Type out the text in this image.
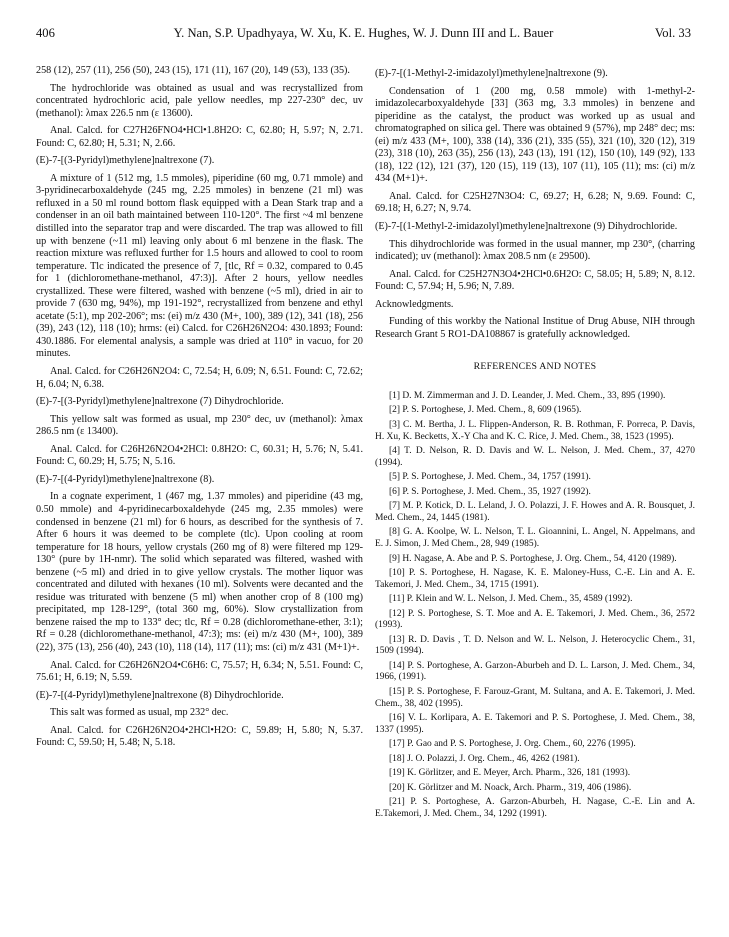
406	Y. Nan, S.P. Upadhyaya, W. Xu, K. E. Hughes, W. J. Dunn III and L. Bauer	Vol. 33

258 (12), 257 (11), 256 (50), 243 (15), 171 (11), 167 (20), 149 (53), 133 (35).

The hydrochloride was obtained as usual and was recrystallized from concentrated hydrochloric acid, pale yellow needles, mp 227-230° dec, uv (methanol): λmax 226.5 nm (ε 13600).

Anal. Calcd. for C27H26FNO4•HCl•1.8H2O: C, 62.80; H, 5.97; N, 2.71. Found: C, 62.80; H, 5.31; N, 2.66.

(E)-7-[(3-Pyridyl)methylene]naltrexone (7).

A mixture of 1 (512 mg, 1.5 mmoles), piperidine (60 mg, 0.71 mmole) and 3-pyridinecarboxaldehyde (245 mg, 2.25 mmoles) in benzene (21 ml) was refluxed in a 50 ml round bottom flask equipped with a Dean Stark trap and a condenser in an oil bath maintained between 110-120°. The first ~4 ml benzene distilled into the separator trap and were discarded. The trap was allowed to fill up with benzene (~11 ml) leaving only about 6 ml benzene in the flask. The reaction mixture was refluxed further for 1.5 hours and allowed to cool to room temperature. Tlc indicated the presence of 7, [tlc, Rf = 0.32, compared to 0.45 for 1 (dichloromethane-methanol, 47:3)]. After 2 hours, yellow needles crystallized. These were filtered, washed with benzene (~5 ml), dried in air to provide 7 (630 mg, 94%), mp 191-192°, recrystallized from benzene and ethyl acetate (5:1), mp 202-206°; ms: (ei) m/z 430 (M+, 100), 389 (12), 341 (18), 256 (39), 243 (12), 118 (10); hrms: (ei) Calcd. for C26H26N2O4: 430.1893; Found: 430.1886. For elemental analysis, a sample was dried at 110° in vacuo, for 20 minutes.

Anal. Calcd. for C26H26N2O4: C, 72.54; H, 6.09; N, 6.51. Found: C, 72.62; H, 6.04; N, 6.38.

(E)-7-[(3-Pyridyl)methylene]naltrexone (7) Dihydrochloride.

This yellow salt was formed as usual, mp 230° dec, uv (methanol): λmax 286.5 nm (ε 13400).

Anal. Calcd. for C26H26N2O4•2HCl: 0.8H2O: C, 60.31; H, 5.76; N, 5.41. Found: C, 60.29; H, 5.75; N, 5.16.

(E)-7-[(4-Pyridyl)methylene]naltrexone (8).

In a cognate experiment, 1 (467 mg, 1.37 mmoles) and piperidine (43 mg, 0.50 mmole) and 4-pyridinecarboxaldehyde (245 mg, 2.35 mmoles) were condensed in benzene (21 ml) for 6 hours, as described for the synthesis of 7. After 6 hours it was deemed to be complete (tlc). Upon cooling at room temperature for 18 hours, yellow crystals (260 mg of 8) were filtered mp 129-130° (pure by 1H-nmr). The solid which separated was filtered, washed with benzene (~5 ml) and dried in to give yellow crystals. The mother liquor was concentrated and diluted with hexanes (10 ml). Solvents were decanted and the residue was triturated with benzene (5 ml) when another crop of 8 (100 mg) precipitated, mp 128-129°, (total 360 mg, 60%). Slow crystallization from benzene raised the mp to 133° dec; tlc, Rf = 0.28 (dichloromethane-ether, 3:1); Rf = 0.28 (dichloromethane-methanol, 47:3); ms: (ei) m/z 430 (M+, 100), 389 (22), 375 (13), 256 (40), 243 (10), 118 (14), 117 (11); ms: (ci) m/z 431 (M+1)+.

Anal. Calcd. for C26H26N2O4•C6H6: C, 75.57; H, 6.34; N, 5.51. Found: C, 75.61; H, 6.19; N, 5.59.

(E)-7-[(4-Pyridyl)methylene]naltrexone (8) Dihydrochloride.

This salt was formed as usual, mp 232° dec.

Anal. Calcd. for C26H26N2O4•2HCl•H2O: C, 59.89; H, 5.80; N, 5.37. Found: C, 59.50; H, 5.48; N, 5.18.

(E)-7-[(1-Methyl-2-imidazolyl)methylene]naltrexone (9).

Condensation of 1 (200 mg, 0.58 mmole) with 1-methyl-2-imidazolecarboxyaldehyde [33] (363 mg, 3.3 mmoles) in benzene and piperidine as the catalyst, the product was worked up as usual and chromatographed on silica gel. There was obtained 9 (57%), mp 248° dec; ms: (ei) m/z 433 (M+, 100), 338 (14), 336 (21), 335 (55), 321 (10), 320 (12), 319 (23), 318 (10), 263 (35), 256 (13), 243 (13), 191 (12), 150 (10), 149 (92), 133 (18), 122 (12), 121 (37), 120 (15), 119 (13), 107 (11), 105 (11); ms: (ci) m/z 434 (M+1)+.

Anal. Calcd. for C25H27N3O4: C, 69.27; H, 6.28; N, 9.69. Found: C, 69.18; H, 6.27; N, 9.74.

(E)-7-[(1-Methyl-2-imidazolyl)methylene]naltrexone (9) Dihydrochloride.

This dihydrochloride was formed in the usual manner, mp 230°, (charring indicated); uv (methanol): λmax 208.5 nm (ε 29500).

Anal. Calcd. for C25H27N3O4•2HCl•0.6H2O: C, 58.05; H, 5.89; N, 8.12. Found: C, 57.94; H, 5.96; N, 7.89.

Acknowledgments.

Funding of this workby the National Institue of Drug Abuse, NIH through Research Grant 5 RO1-DA108867 is gratefully acknowledged.

REFERENCES AND NOTES

[1] D. M. Zimmerman and J. D. Leander, J. Med. Chem., 33, 895 (1990).

[2] P. S. Portoghese, J. Med. Chem., 8, 609 (1965).

[3] C. M. Bertha, J. L. Flippen-Anderson, R. B. Rothman, F. Porreca, P. Davis, H. Xu, K. Becketts, X.-Y Cha and K. C. Rice, J. Med. Chem., 38, 1523 (1995).

[4] T. D. Nelson, R. D. Davis and W. L. Nelson, J. Med. Chem., 37, 4270 (1994).

[5] P. S. Portoghese, J. Med. Chem., 34, 1757 (1991).

[6] P. S. Portoghese, J. Med. Chem., 35, 1927 (1992).

[7] M. P. Kotick, D. L. Leland, J. O. Polazzi, J. F. Howes and A. R. Bousquet, J. Med. Chem., 24, 1445 (1981).

[8] G. A. Koolpe, W. L. Nelson, T. L. Gioannini, L. Angel, N. Appelmans, and E. J. Simon, J. Med Chem., 28, 949 (1985).

[9] H. Nagase, A. Abe and P. S. Portoghese, J. Org. Chem., 54, 4120 (1989).

[10] P. S. Portoghese, H. Nagase, K. E. Maloney-Huss, C.-E. Lin and A. E. Takemori, J. Med. Chem., 34, 1715 (1991).

[11] P. Klein and W. L. Nelson, J. Med. Chem., 35, 4589 (1992).

[12] P. S. Portoghese, S. T. Moe and A. E. Takemori, J. Med. Chem., 36, 2572 (1993).

[13] R. D. Davis , T. D. Nelson and W. L. Nelson, J. Heterocyclic Chem., 31, 1509 (1994).

[14] P. S. Portoghese, A. Garzon-Aburbeh and D. L. Larson, J. Med. Chem., 34, 1966, (1991).

[15] P. S. Portoghese, F. Farouz-Grant, M. Sultana, and A. E. Takemori, J. Med. Chem., 38, 402 (1995).

[16] V. L. Korlipara, A. E. Takemori and P. S. Portoghese, J. Med. Chem., 38, 1337 (1995).

[17] P. Gao and P. S. Portoghese, J. Org. Chem., 60, 2276 (1995).

[18] J. O. Polazzi, J. Org. Chem., 46, 4262 (1981).

[19] K. Görlitzer, and E. Meyer, Arch. Pharm., 326, 181 (1993).

[20] K. Görlitzer and M. Noack, Arch. Pharm., 319, 406 (1986).

[21] P. S. Portoghese, A. Garzon-Aburbeh, H. Nagase, C.-E. Lin and A. E.Takemori, J. Med. Chem., 34, 1292 (1991).
